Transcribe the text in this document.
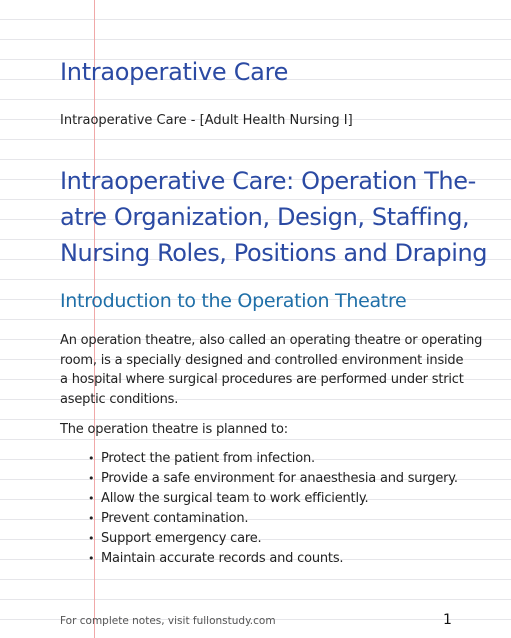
Intraoperative Care

Intraoperative Care - [Adult Health Nursing I]

Intraoperative Care: Operation The-
atre Organization, Design, Staffing,
Nursing Roles, Positions and Draping
Introduction to the Operation Theatre

An operation theatre, also called an operating theatre or operating
room, is a specially designed and controlled environment inside
a hospital where surgical procedures are performed under strict
aseptic conditions.

The operation theatre is planned to:

• Protect the patient from infection.
• Provide a safe environment for anaesthesia and surgery.
• Allow the surgical team to work efficiently.
• Prevent contamination.
• Support emergency care.
• Maintain accurate records and counts.
For complete notes, visit fullonstudy.com	1
